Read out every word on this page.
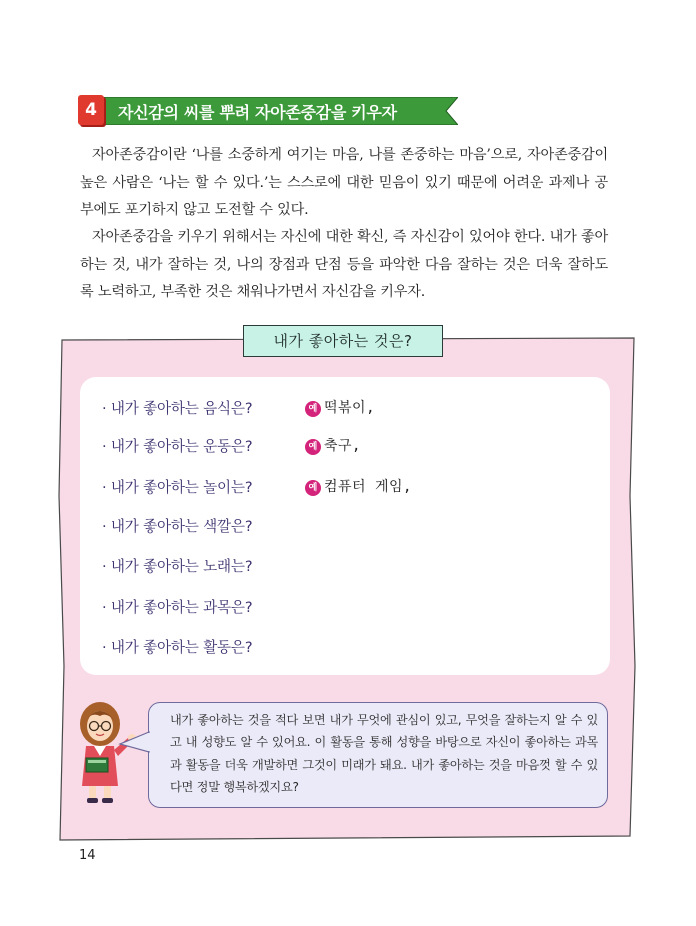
4	자신감의 씨를 뿌려 자아존중감을 키우자

자아존중감이란 ‘나를 소중하게 여기는 마음, 나를 존중하는 마음’으로, 자아존중감이 높은 사람은 ‘나는 할 수 있다.’는 스스로에 대한 믿음이 있기 때문에 어려운 과제나 공부에도 포기하지 않고 도전할 수 있다.

자아존중감을 키우기 위해서는 자신에 대한 확신, 즉 자신감이 있어야 한다. 내가 좋아하는 것, 내가 잘하는 것, 나의 장점과 단점 등을 파악한 다음 잘하는 것은 더욱 잘하도록 노력하고, 부족한 것은 채워나가면서 자신감을 키우자.

내가 좋아하는 것은?
· 내가 좋아하는 음식은?	예 떡볶이,
· 내가 좋아하는 운동은?	예 축구,
· 내가 좋아하는 놀이는?	예 컴퓨터 게임,
· 내가 좋아하는 색깔은?
· 내가 좋아하는 노래는?
· 내가 좋아하는 과목은?
· 내가 좋아하는 활동은?
내가 좋아하는 것을 적다 보면 내가 무엇에 관심이 있고, 무엇을 잘하는지 알 수 있고 내 성향도 알 수 있어요. 이 활동을 통해 성향을 바탕으로 자신이 좋아하는 과목과 활동을 더욱 개발하면 그것이 미래가 돼요. 내가 좋아하는 것을 마음껏 할 수 있다면 정말 행복하겠지요?
14
